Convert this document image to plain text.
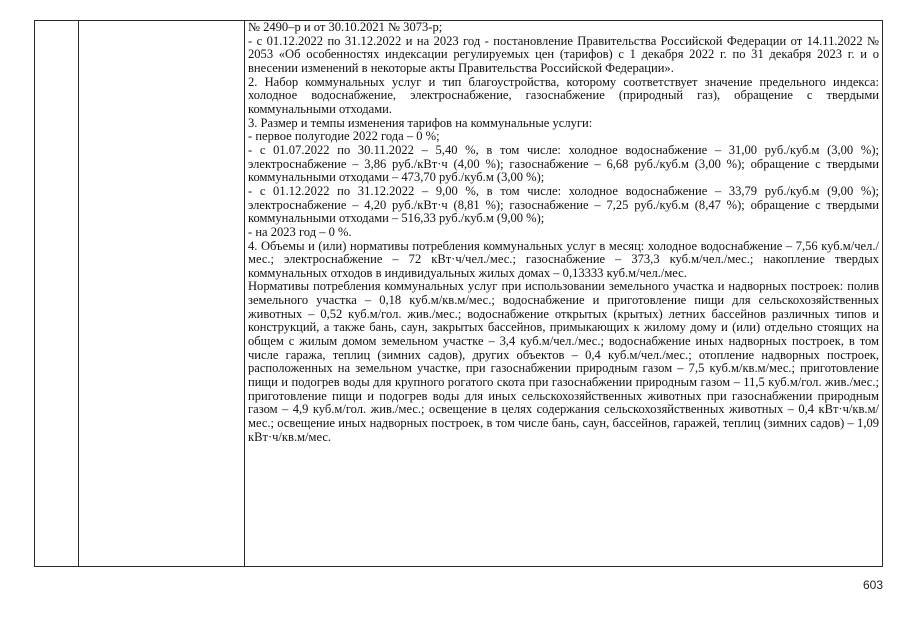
№ 2490–р и от 30.10.2021 № 3073-р;

- с 01.12.2022 по 31.12.2022 и на 2023 год - постановление Правительства Российской Федерации от 14.11.2022 № 2053 «Об особенностях индексации регулируемых цен (тарифов) с 1 декабря 2022 г. по 31 декабря 2023 г. и о внесении изменений в некоторые акты Правительства Российской Федерации».

2. Набор коммунальных услуг и тип благоустройства, которому соответствует значение предельного индекса: холодное водоснабжение, электроснабжение, газоснабжение (природный газ), обращение с твердыми коммунальными отходами.

3. Размер и темпы изменения тарифов на коммунальные услуги:

- первое полугодие 2022 года – 0 %;

- с 01.07.2022 по 30.11.2022 – 5,40 %, в том числе: холодное водоснабжение – 31,00 руб./куб.м (3,00 %); электроснабжение – 3,86 руб./кВт·ч (4,00 %); газоснабжение – 6,68 руб./куб.м (3,00 %); обращение с твердыми коммунальными отходами – 473,70 руб./куб.м (3,00 %);

- с 01.12.2022 по 31.12.2022 – 9,00 %, в том числе: холодное водоснабжение – 33,79 руб./куб.м (9,00 %); электроснабжение – 4,20 руб./кВт·ч (8,81 %); газоснабжение – 7,25 руб./куб.м (8,47 %); обращение с твердыми коммунальными отходами – 516,33 руб./куб.м (9,00 %);

- на 2023 год – 0 %.

4. Объемы и (или) нормативы потребления коммунальных услуг в месяц: холодное водоснабжение – 7,56 куб.м/чел./мес.; электроснабжение – 72 кВт·ч/чел./мес.; газоснабжение – 373,3 куб.м/чел./мес.; накопление твердых коммунальных отходов в индивидуальных жилых домах – 0,13333 куб.м/чел./мес.

Нормативы потребления коммунальных услуг при использовании земельного участка и надворных построек: полив земельного участка – 0,18 куб.м/кв.м/мес.; водоснабжение и приготовление пищи для сельскохозяйственных животных – 0,52 куб.м/гол. жив./мес.; водоснабжение открытых (крытых) летних бассейнов различных типов и конструкций, а также бань, саун, закрытых бассейнов, примыкающих к жилому дому и (или) отдельно стоящих на общем с жилым домом земельном участке – 3,4 куб.м/чел./мес.; водоснабжение иных надворных построек, в том числе гаража, теплиц (зимних садов), других объектов – 0,4 куб.м/чел./мес.; отопление надворных построек, расположенных на земельном участке, при газоснабжении природным газом – 7,5 куб.м/кв.м/мес.; приготовление пищи и подогрев воды для крупного рогатого скота при газоснабжении природным газом – 11,5 куб.м/гол. жив./мес.; приготовление пищи и подогрев воды для иных сельскохозяйственных животных при газоснабжении природным газом – 4,9 куб.м/гол. жив./мес.; освещение в целях содержания сельскохозяйственных животных – 0,4 кВт·ч/кв.м/мес.; освещение иных надворных построек, в том числе бань, саун, бассейнов, гаражей, теплиц (зимних садов) – 1,09 кВт·ч/кв.м/мес.

603
